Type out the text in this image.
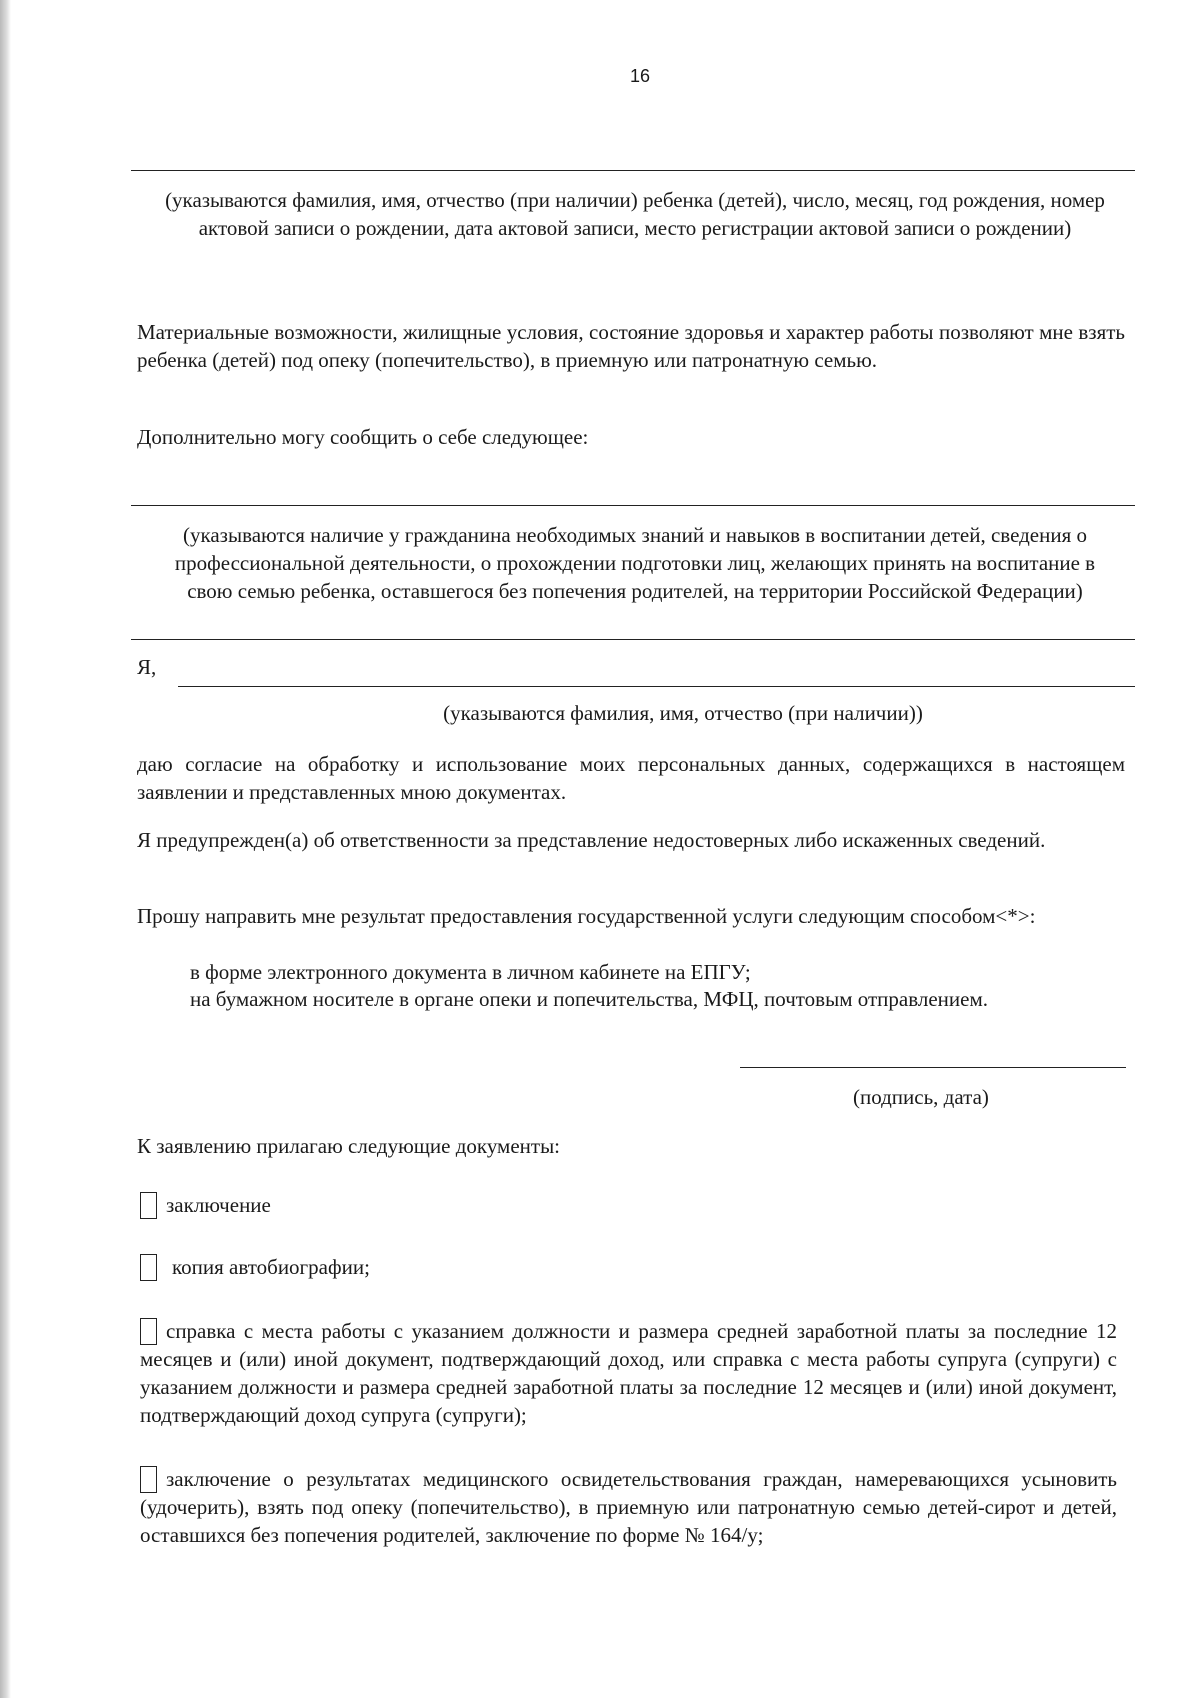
16
(указываются фамилия, имя, отчество (при наличии) ребенка (детей), число, месяц, год рождения, номер актовой записи о рождении, дата актовой записи, место регистрации актовой записи о рождении)
Материальные возможности, жилищные условия, состояние здоровья и характер работы позволяют мне взять ребенка (детей) под опеку (попечительство), в приемную или патронатную семью.
Дополнительно могу сообщить о себе следующее:
(указываются наличие у гражданина необходимых знаний и навыков в воспитании детей, сведения о профессиональной деятельности, о прохождении подготовки лиц, желающих принять на воспитание в свою семью ребенка, оставшегося без попечения родителей, на территории Российской Федерации)
Я,
(указываются фамилия, имя, отчество (при наличии))
даю согласие на обработку и использование моих персональных данных, содержащихся в настоящем заявлении и представленных мною документах.
Я предупрежден(а) об ответственности за представление недостоверных либо искаженных сведений.
Прошу направить мне результат предоставления государственной услуги следующим способом<*>:
в форме электронного документа в личном кабинете на ЕПГУ;
на бумажном носителе в органе опеки и попечительства, МФЦ, почтовым отправлением.
(подпись, дата)
К заявлению прилагаю следующие документы:
заключение
копия автобиографии;
справка с места работы с указанием должности и размера средней заработной платы за последние 12 месяцев и (или) иной документ, подтверждающий доход, или справка с места работы супруга (супруги) с указанием должности и размера средней заработной платы за последние 12 месяцев и (или) иной документ, подтверждающий доход супруга (супруги);
заключение о результатах медицинского освидетельствования граждан, намеревающихся усыновить (удочерить), взять под опеку (попечительство), в приемную или патронатную семью детей-сирот и детей, оставшихся без попечения родителей, заключение по форме № 164/у;
